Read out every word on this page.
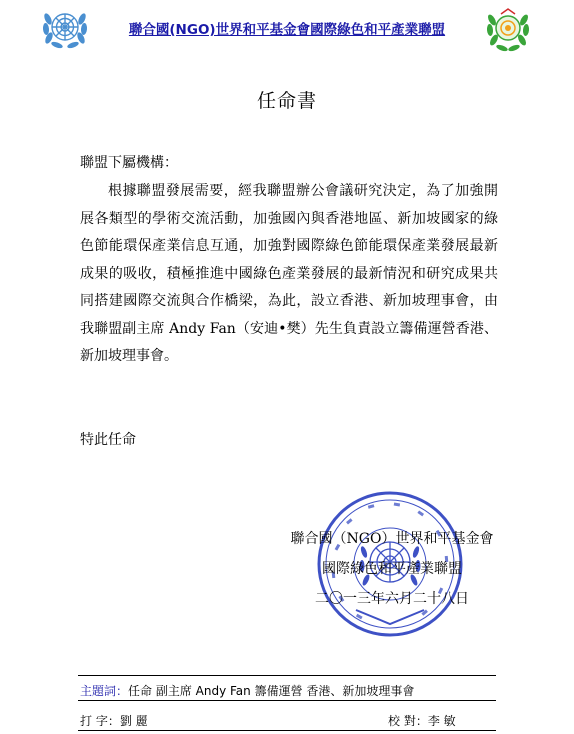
聯合國(NGO)世界和平基金會國際綠色和平產業聯盟
任命書
聯盟下屬機構：
根據聯盟發展需要，經我聯盟辦公會議研究決定，為了加強開展各類型的學術交流活動，加強國內與香港地區、新加坡國家的綠色節能環保產業信息互通，加強對國際綠色節能環保產業發展最新成果的吸收，積極推進中國綠色產業發展的最新情況和研究成果共同搭建國際交流與合作橋梁，為此，設立香港、新加坡理事會，由我聯盟副主席 Andy Fan（安迪•樊）先生負責設立籌備運營香港、新加坡理事會。
特此任命
聯合國（NGO）世界和平基金會
國際綠色和平產業聯盟
二〇一三年六月二十八日
主題詞：任命 副主席 Andy Fan 籌備運營 香港、新加坡理事會
打 字：劉 麗	校 對：李 敏
